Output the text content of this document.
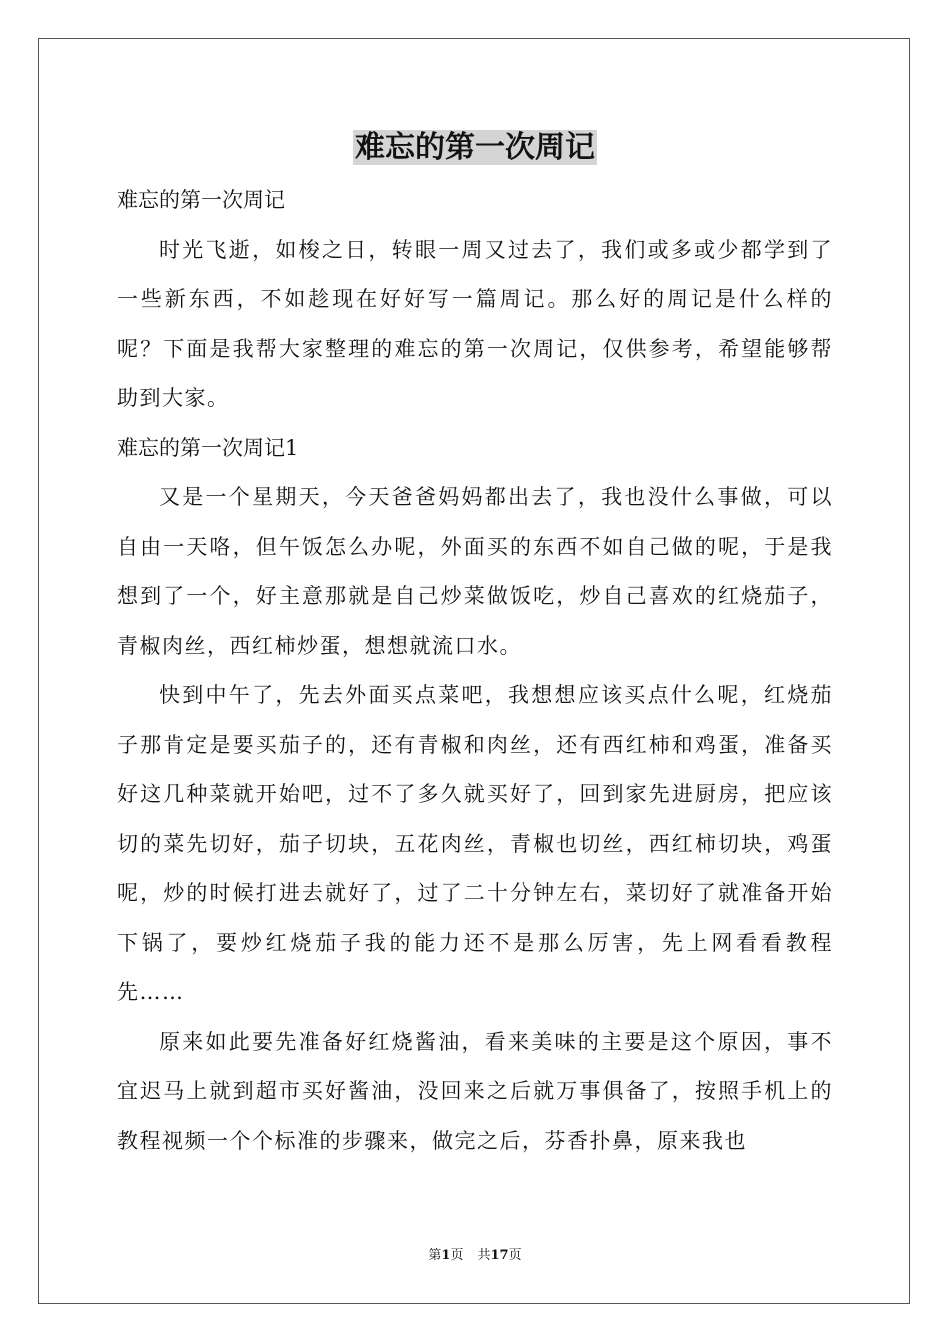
难忘的第一次周记

难忘的第一次周记

时光飞逝，如梭之日，转眼一周又过去了，我们或多或少都学到了一些新东西，不如趁现在好好写一篇周记。那么好的周记是什么样的呢？下面是我帮大家整理的难忘的第一次周记，仅供参考，希望能够帮助到大家。

难忘的第一次周记1

又是一个星期天，今天爸爸妈妈都出去了，我也没什么事做，可以自由一天咯，但午饭怎么办呢，外面买的东西不如自己做的呢，于是我想到了一个，好主意那就是自己炒菜做饭吃，炒自己喜欢的红烧茄子，青椒肉丝，西红柿炒蛋，想想就流口水。

快到中午了，先去外面买点菜吧，我想想应该买点什么呢，红烧茄子那肯定是要买茄子的，还有青椒和肉丝，还有西红柿和鸡蛋，准备买好这几种菜就开始吧，过不了多久就买好了，回到家先进厨房，把应该切的菜先切好，茄子切块，五花肉丝，青椒也切丝，西红柿切块，鸡蛋呢，炒的时候打进去就好了，过了二十分钟左右，菜切好了就准备开始下锅了，要炒红烧茄子我的能力还不是那么厉害，先上网看看教程先……

原来如此要先准备好红烧酱油，看来美味的主要是这个原因，事不宜迟马上就到超市买好酱油，没回来之后就万事俱备了，按照手机上的教程视频一个个标准的步骤来，做完之后，芬香扑鼻，原来我也

第1页 共17页
